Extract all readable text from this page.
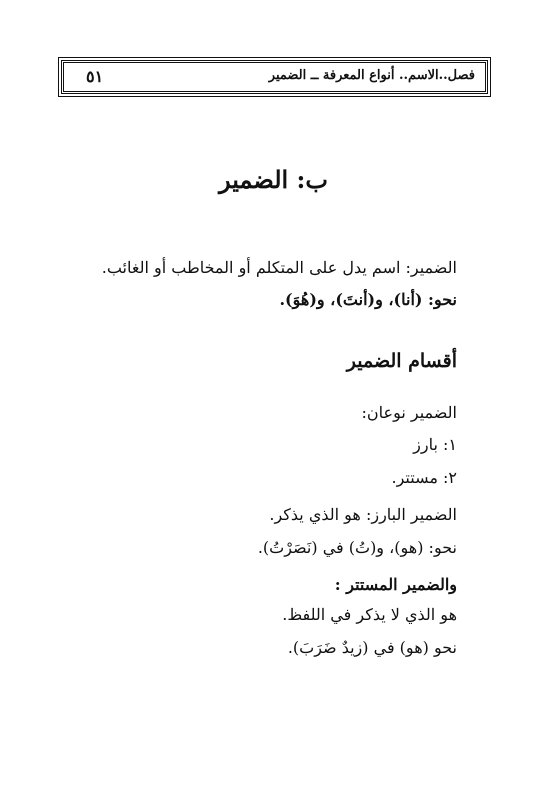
٥١	فصل..الاسم.. أنواع المعرفة ــ الضمير
ب: الضمير

الضمير: اسم يدل على المتكلم أو المخاطب أو الغائب.

نحو: (أنا)، و(أنتَ)، و(هُوَ).

أقسام الضمير

الضمير نوعان:

١: بارز

٢: مستتر.

الضمير البارز: هو الذي يذكر.

نحو: (هو)، و(تُ) في (نَصَرْتُ).

والضمير المستتر :

هو الذي لا يذكر في اللفظ.

نحو (هو) في (زيدٌ ضَرَبَ).
